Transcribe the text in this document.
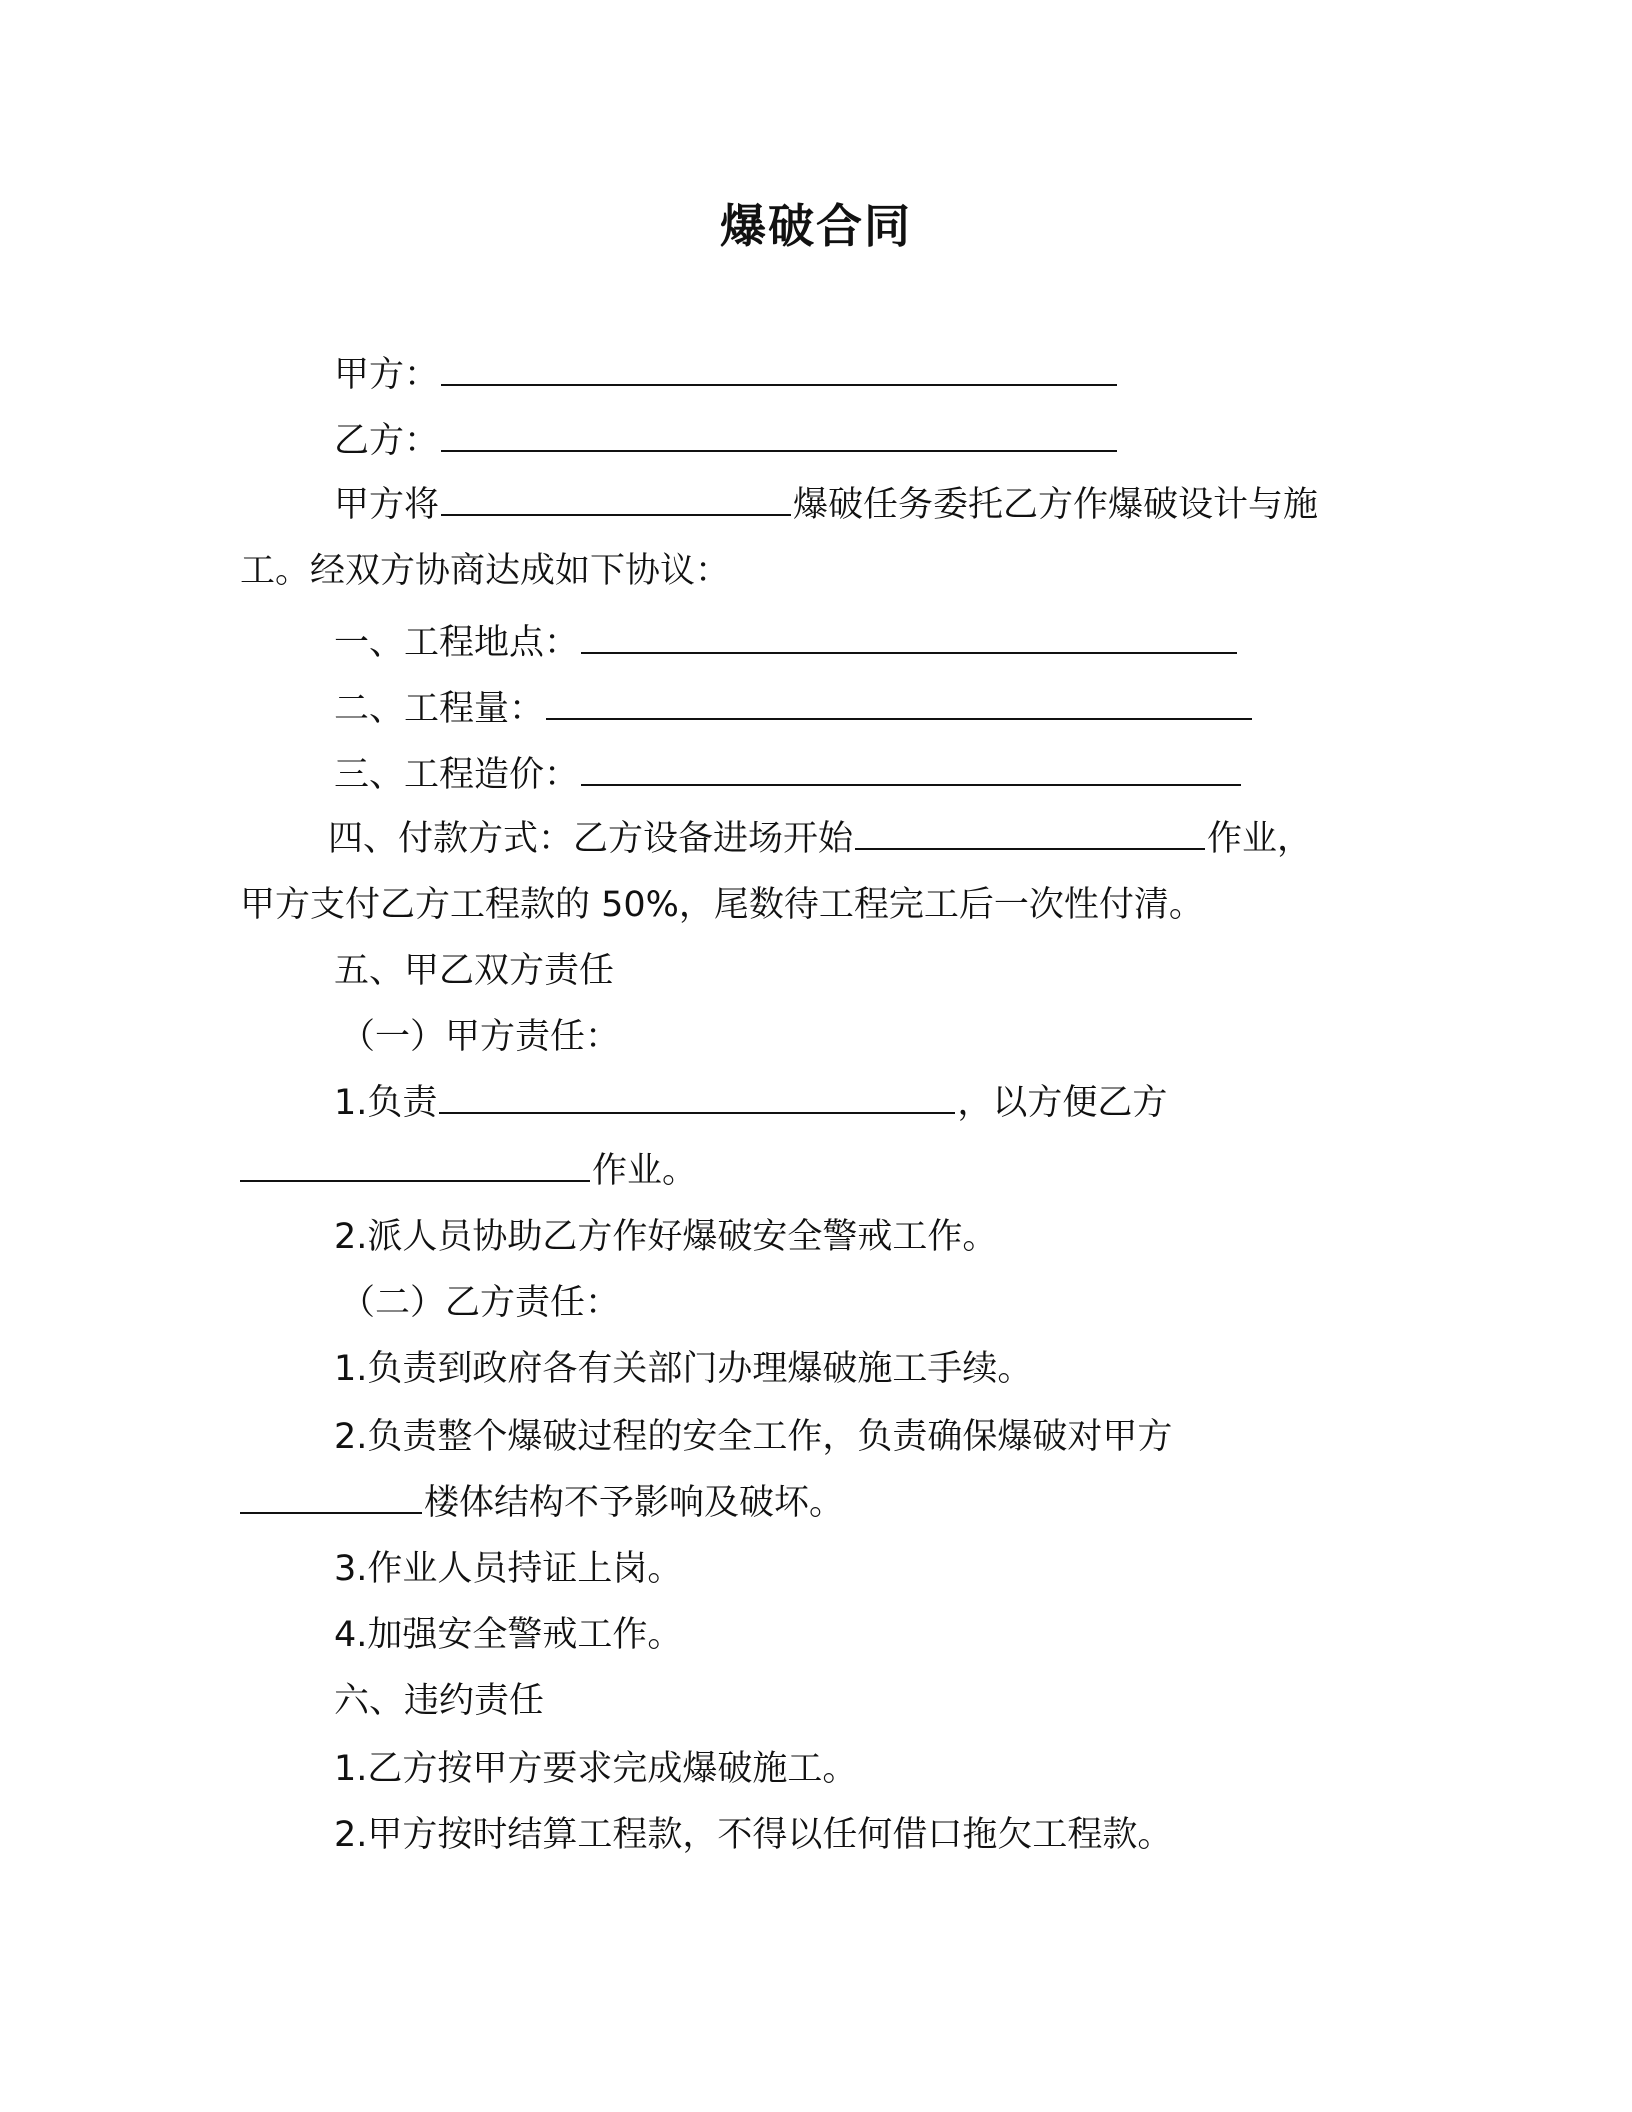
爆破合同
甲方：
乙方：
甲方将	爆破任务委托乙方作爆破设计与施
工。经双方协商达成如下协议：
一、工程地点：
二、工程量：
三、工程造价：
四、付款方式：乙方设备进场开始	作业，
甲方支付乙方工程款的 50%，尾数待工程完工后一次性付清。
五、甲乙双方责任
（一）甲方责任：
1.负责	，以方便乙方
作业。
2.派人员协助乙方作好爆破安全警戒工作。
（二）乙方责任：
1.负责到政府各有关部门办理爆破施工手续。
2.负责整个爆破过程的安全工作，负责确保爆破对甲方
楼体结构不予影响及破坏。
3.作业人员持证上岗。
4.加强安全警戒工作。
六、违约责任
1.乙方按甲方要求完成爆破施工。
2.甲方按时结算工程款，不得以任何借口拖欠工程款。
